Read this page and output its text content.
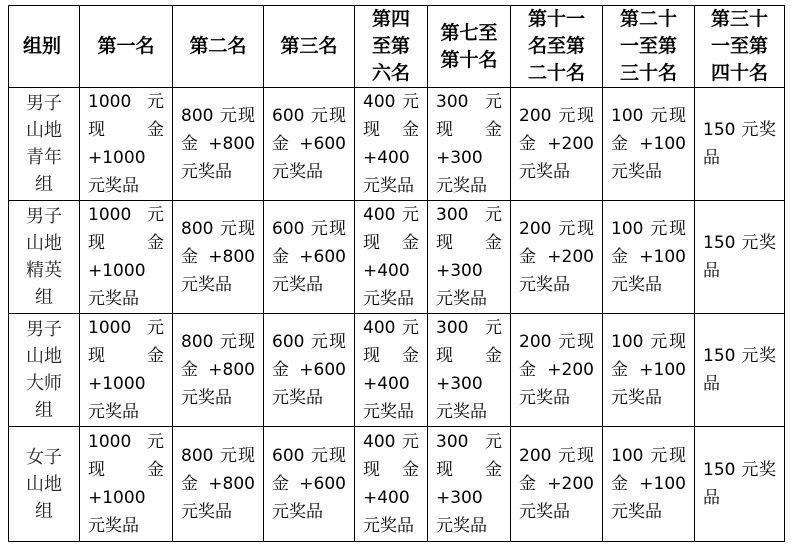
组别	第一名	第二名	第三名	第四至第六名	第七至第十名	第十一名至第二十名	第二十一至第三十名	第三十一至第四十名
男子山地青年组	1000 元现金+1000 元奖品	800 元现金 +800 元奖品	600 元现金 +600 元奖品	400 元现金+400 元奖品	300 元现金+300 元奖品	200 元现金 +200 元奖品	100 元现金 +100 元奖品	150 元奖品
男子山地精英组	1000 元现金+1000 元奖品	800 元现金 +800 元奖品	600 元现金 +600 元奖品	400 元现金+400 元奖品	300 元现金+300 元奖品	200 元现金 +200 元奖品	100 元现金 +100 元奖品	150 元奖品
男子山地大师组	1000 元现金+1000 元奖品	800 元现金 +800 元奖品	600 元现金 +600 元奖品	400 元现金+400 元奖品	300 元现金+300 元奖品	200 元现金 +200 元奖品	100 元现金 +100 元奖品	150 元奖品
女子山地组	1000 元现金+1000 元奖品	800 元现金 +800 元奖品	600 元现金 +600 元奖品	400 元现金+400 元奖品	300 元现金+300 元奖品	200 元现金 +200 元奖品	100 元现金 +100 元奖品	150 元奖品
